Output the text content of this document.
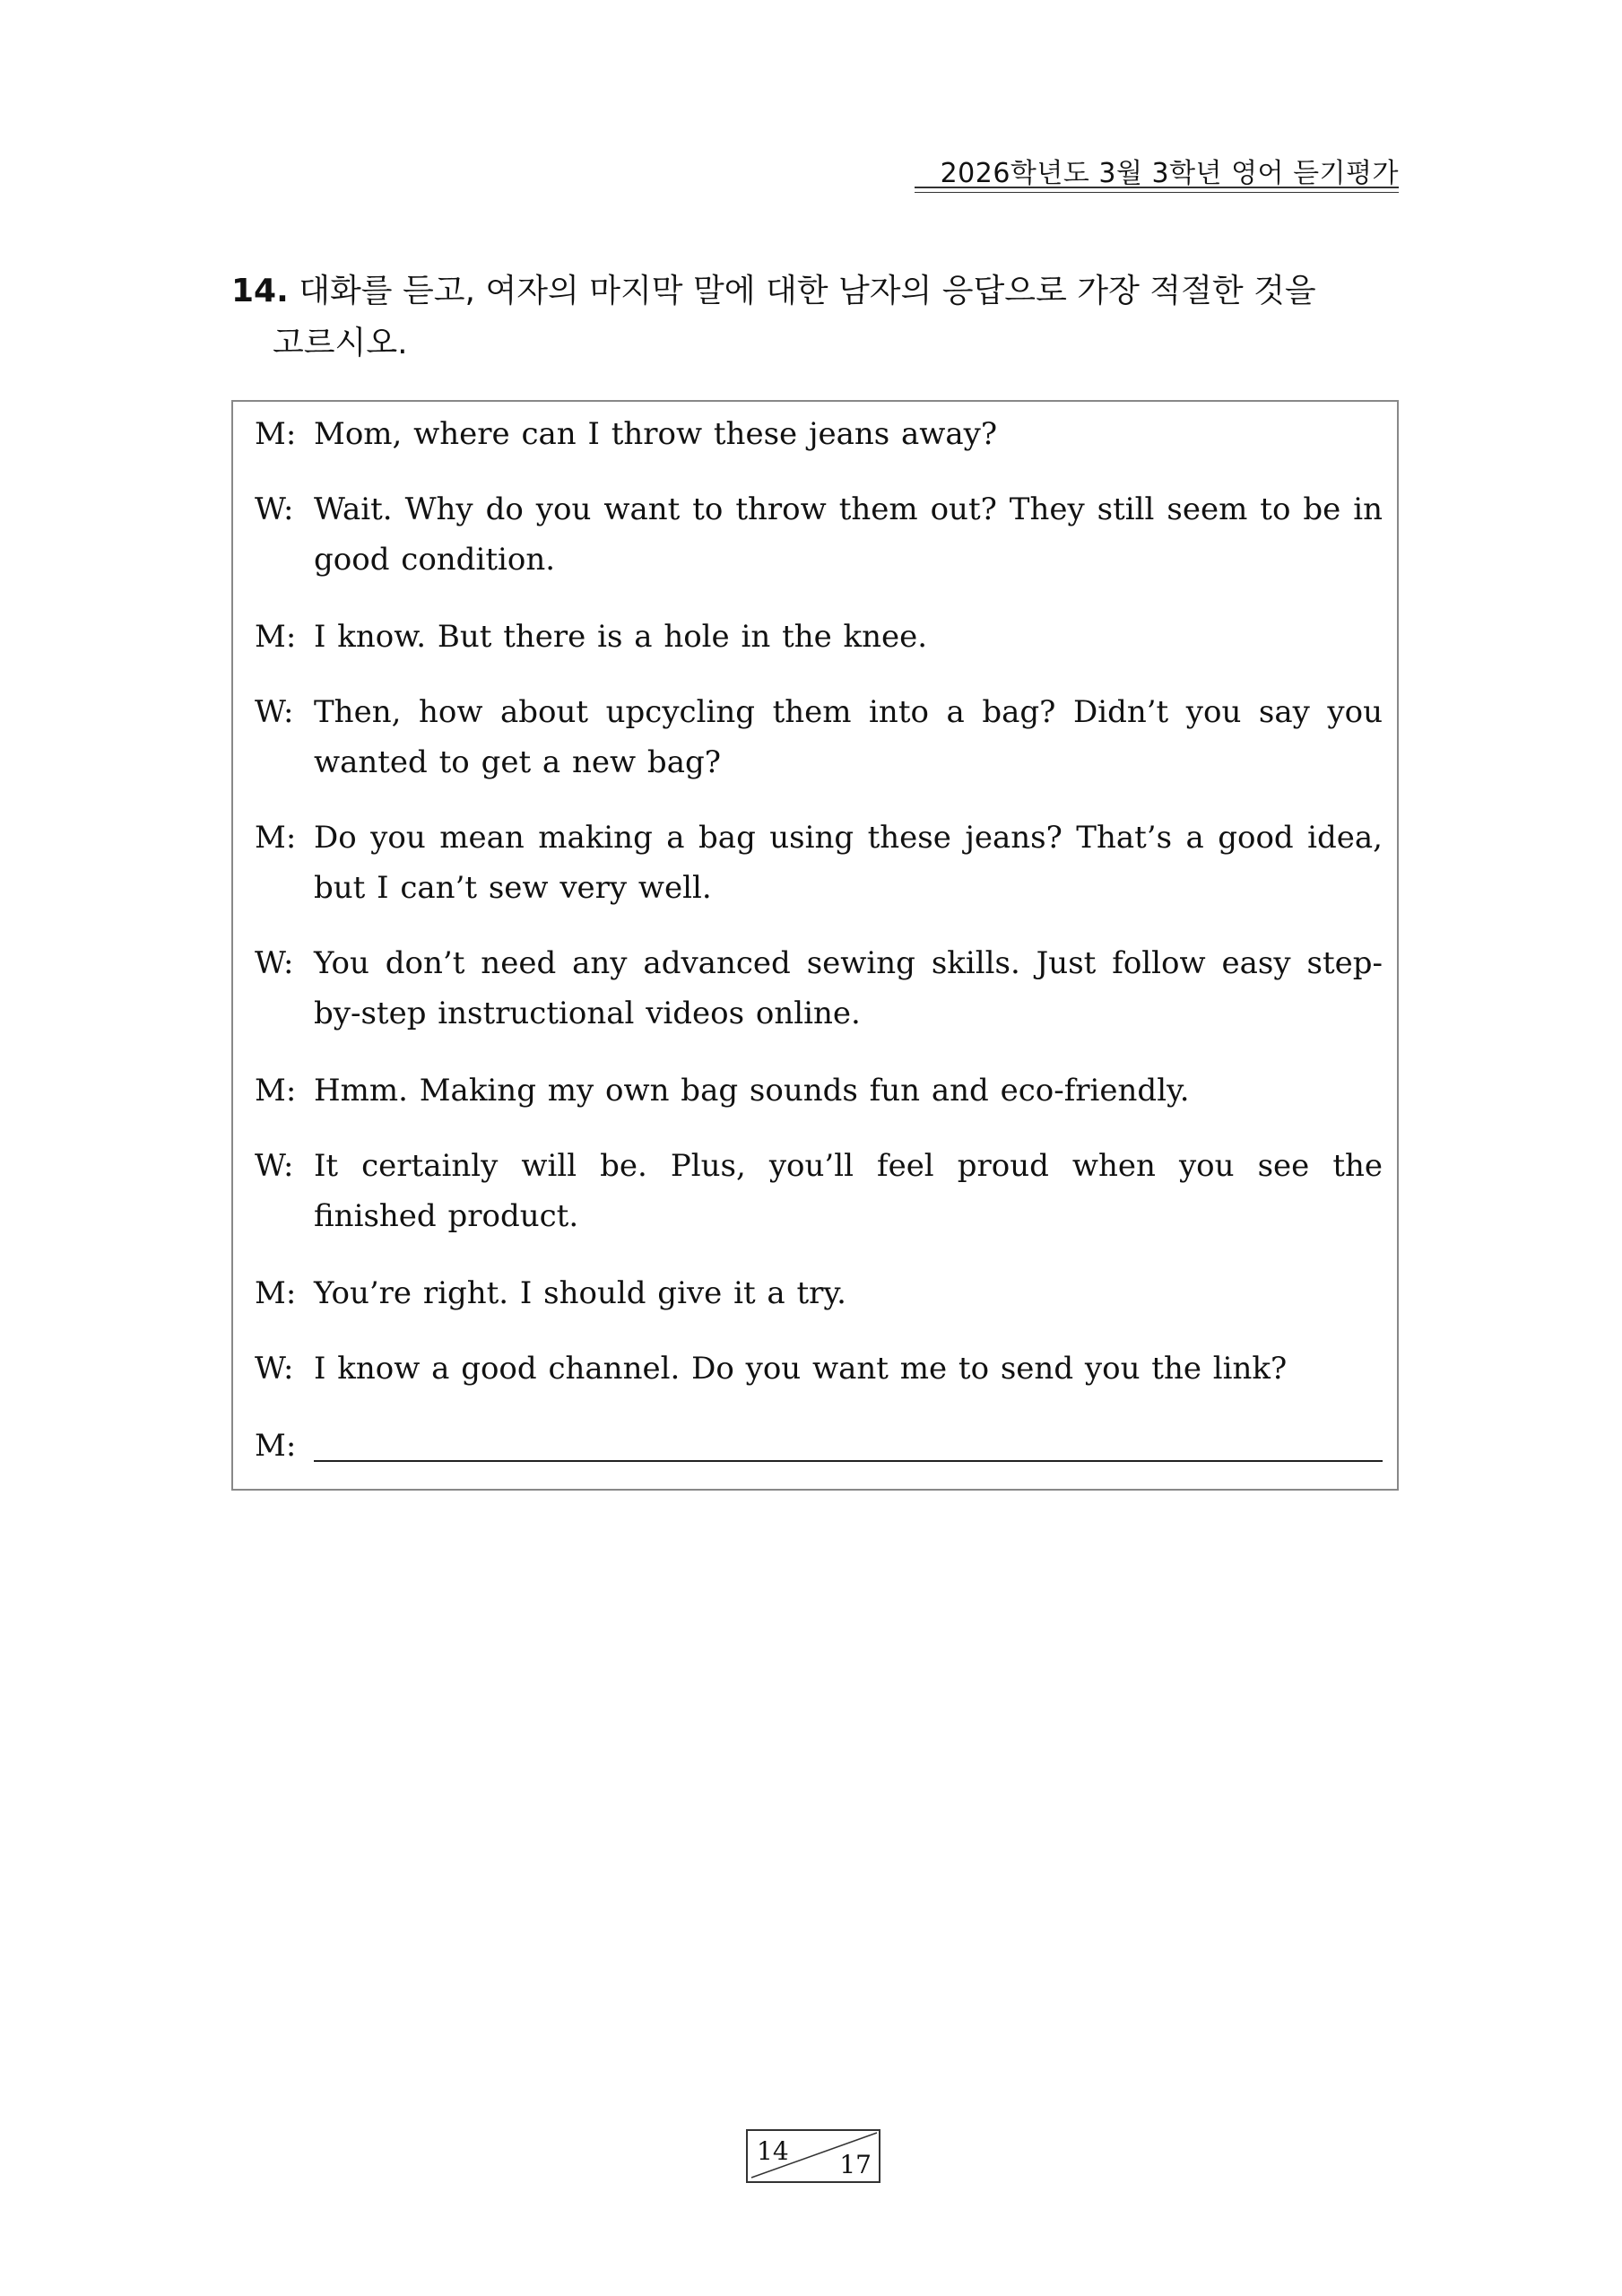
2026학년도 3월 3학년 영어 듣기평가
14. 대화를 듣고, 여자의 마지막 말에 대한 남자의 응답으로 가장 적절한 것을
고르시오.
M: Mom, where can I throw these jeans away?
W: Wait. Why do you want to throw them out? They still seem to be in good condition.
M: I know. But there is a hole in the knee.
W: Then, how about upcycling them into a bag? Didn’t you say you wanted to get a new bag?
M: Do you mean making a bag using these jeans? That’s a good idea, but I can’t sew very well.
W: You don’t need any advanced sewing skills. Just follow easy step-by-step instructional videos online.
M: Hmm. Making my own bag sounds fun and eco-friendly.
W: It certainly will be. Plus, you’ll feel proud when you see the finished product.
M: You’re right. I should give it a try.
W: I know a good channel. Do you want me to send you the link?
M:
14 17
